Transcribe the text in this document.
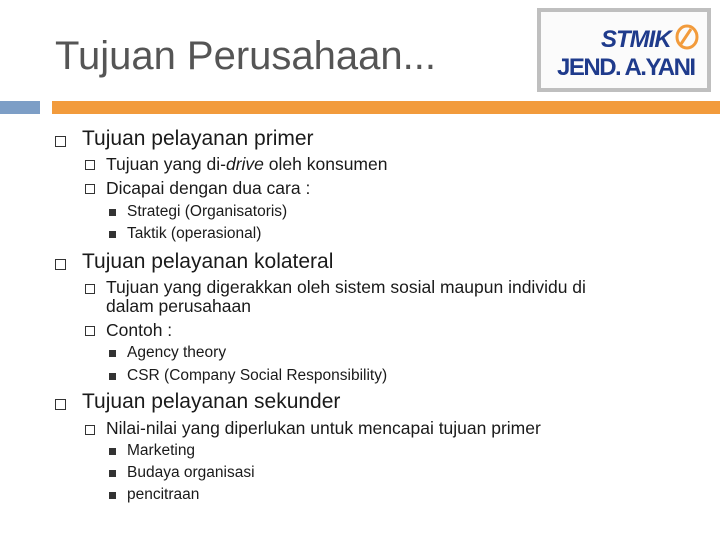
Tujuan Perusahaan...	STMIK
JEND. A.YANI
Tujuan pelayanan primer
Tujuan yang di-drive oleh konsumen
Dicapai dengan dua cara :
Strategi (Organisatoris)
Taktik (operasional)
Tujuan pelayanan kolateral
Tujuan yang digerakkan oleh sistem sosial maupun individu di
dalam perusahaan
Contoh :
Agency theory
CSR (Company Social Responsibility)
Tujuan pelayanan sekunder
Nilai-nilai yang diperlukan untuk mencapai tujuan primer
Marketing
Budaya organisasi
pencitraan
